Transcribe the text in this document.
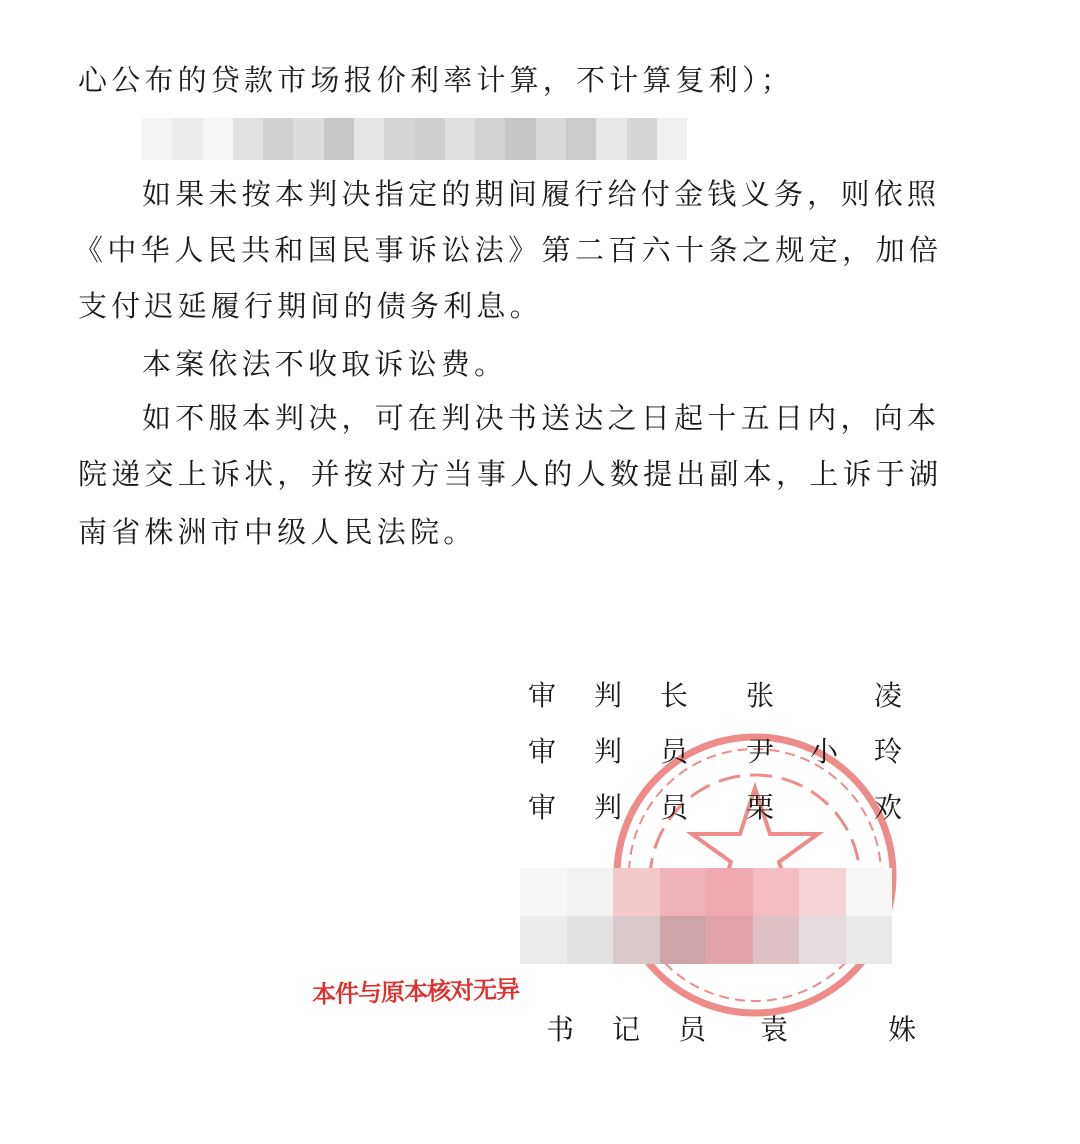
心公布的贷款市场报价利率计算，不计算复利）；
如果未按本判决指定的期间履行给付金钱义务，则依照
《中华人民共和国民事诉讼法》第二百六十条之规定，加倍
支付迟延履行期间的债务利息。
本案依法不收取诉讼费。
如不服本判决，可在判决书送达之日起十五日内，向本
院递交上诉状，并按对方当事人的人数提出副本，上诉于湖
南省株洲市中级人民法院。
审 判 长 张	凌
审 判 员 尹 小 玲
审 判 员 栗	欢
本件与原本核对无异
书 记 员 袁	姝
